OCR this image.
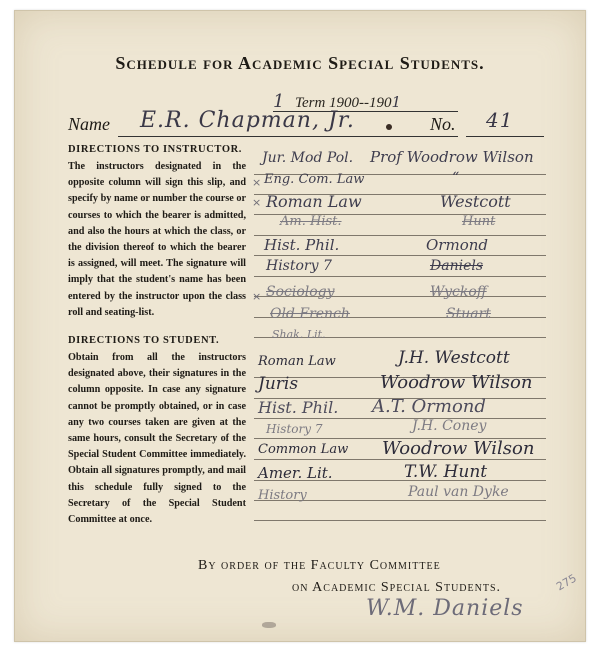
Schedule for Academic Special Students.
1 Term 1900--1901
Name E.R. Chapman, Jr.	No. 41

DIRECTIONS TO INSTRUCTOR.

The instructors designated in the opposite column will sign this slip, and specify by name or number the course or courses to which the bearer is admitted, and also the hours at which the class, or the division thereof to which the bearer is assigned, will meet. The signature will imply that the student's name has been entered by the instructor upon the class roll and seating-list.

DIRECTIONS TO STUDENT.

Obtain from all the instructors designated above, their signatures in the column opposite. In case any signature cannot be promptly obtained, or in case any two courses taken are given at the same hours, consult the Secretary of the Special Student Committee immediately. Obtain all signatures promptly, and mail this schedule fully signed to the Secretary of the Special Student Committee at once.

Jur. Mod Pol. Prof Woodrow Wilson
× Eng. Com. Law	“
× Roman Law	Westcott
Am. Hist.	Hunt
Hist. Phil.	Ormond
History 7	Daniels
× Sociology	Wyckoff
Old French	Stuart
Shak. Lit.
Roman Law	J.H. Westcott
Juris	Woodrow Wilson
Hist. Phil. A.T. Ormond
History 7	J.H. Coney
Common Law Woodrow Wilson
Amer. Lit.	T.W. Hunt
History	Paul van Dyke
By order of the Faculty Committee
on Academic Special Students.
W.M. Daniels
275
